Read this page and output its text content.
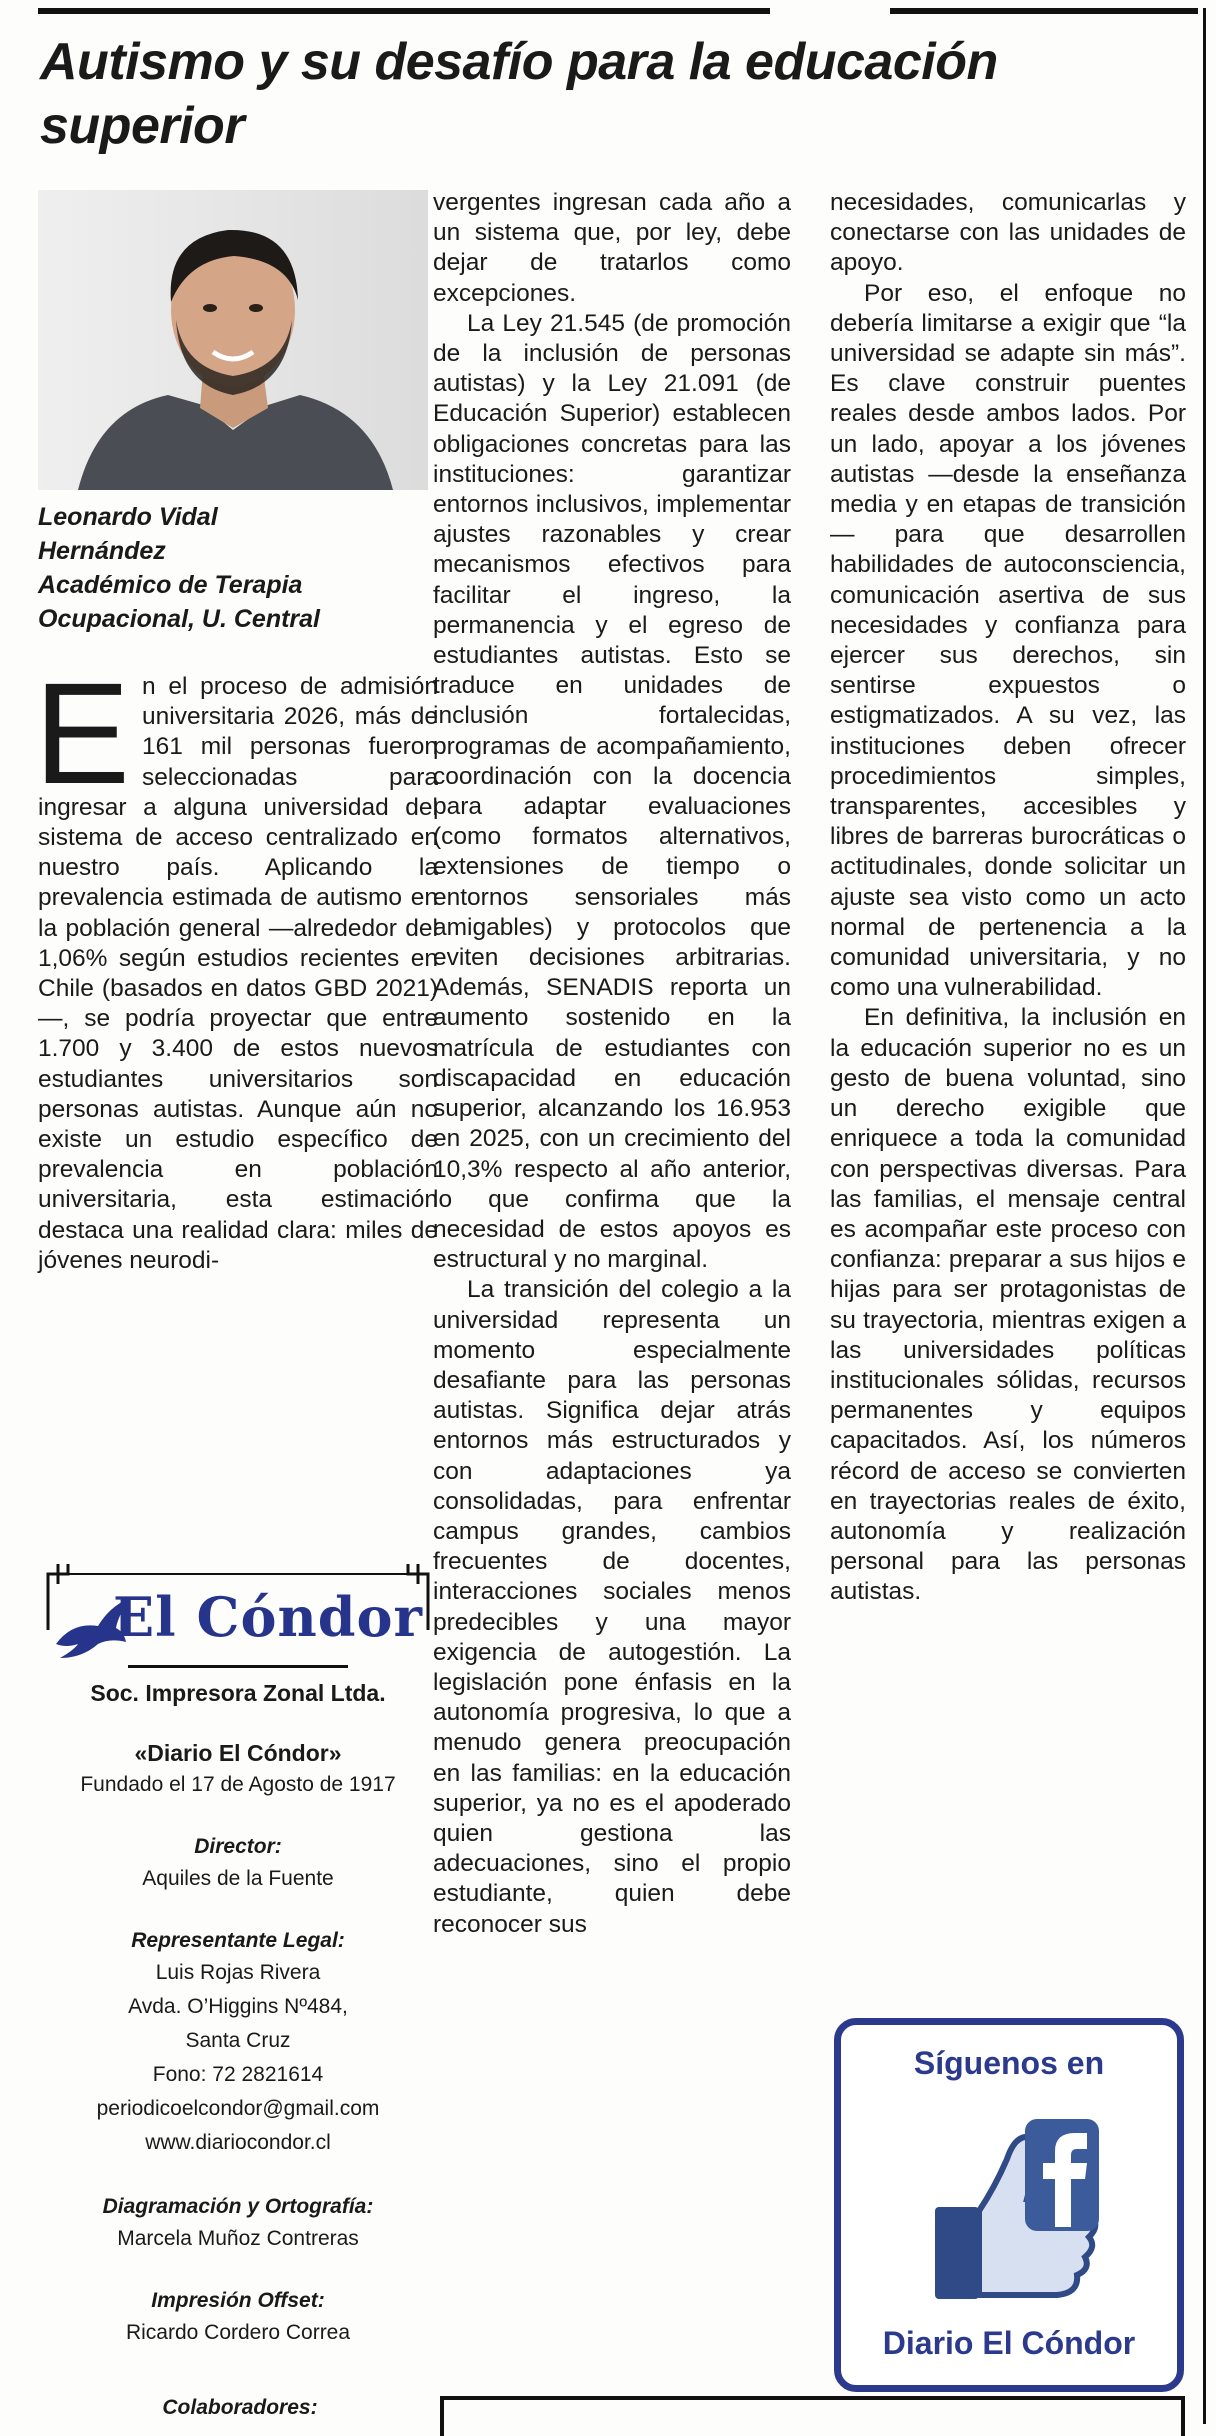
Autismo y su desafío para la educación superior
Leonardo Vidal
Hernández
Académico de Terapia
Ocupacional, U. Central
E n el proceso de admisión universitaria 2026, más de 161 mil personas fueron seleccionadas para ingresar a alguna universidad del sistema de acceso centralizado en nuestro país. Aplicando la prevalencia estimada de autismo en la población general —alrededor del 1,06% según estudios recientes en Chile (basados en datos GBD 2021)—, se podría proyectar que entre 1.700 y 3.400 de estos nuevos estudiantes universitarios son personas autistas. Aunque aún no existe un estudio específico de prevalencia en población universitaria, esta estimación destaca una realidad clara: miles de jóvenes neurodi-

vergentes ingresan cada año a un sistema que, por ley, debe dejar de tratarlos como excepciones.

La Ley 21.545 (de promoción de la inclusión de personas autistas) y la Ley 21.091 (de Educación Superior) establecen obligaciones concretas para las instituciones: garantizar entornos inclusivos, implementar ajustes razonables y crear mecanismos efectivos para facilitar el ingreso, la permanencia y el egreso de estudiantes autistas. Esto se traduce en unidades de inclusión fortalecidas, programas de acompañamiento, coordinación con la docencia para adaptar evaluaciones (como formatos alternativos, extensiones de tiempo o entornos sensoriales más amigables) y protocolos que eviten decisiones arbitrarias. Además, SENADIS reporta un aumento sostenido en la matrícula de estudiantes con discapacidad en educación superior, alcanzando los 16.953 en 2025, con un crecimiento del 10,3% respecto al año anterior, lo que confirma que la necesidad de estos apoyos es estructural y no marginal.

La transición del colegio a la universidad representa un momento especialmente desafiante para las personas autistas. Significa dejar atrás entornos más estructurados y con adaptaciones ya consolidadas, para enfrentar campus grandes, cambios frecuentes de docentes, interacciones sociales menos predecibles y una mayor exigencia de autogestión. La legislación pone énfasis en la autonomía progresiva, lo que a menudo genera preocupación en las familias: en la educación superior, ya no es el apoderado quien gestiona las adecuaciones, sino el propio estudiante, quien debe reconocer sus

necesidades, comunicarlas y conectarse con las unidades de apoyo.

Por eso, el enfoque no debería limitarse a exigir que “la universidad se adapte sin más”. Es clave construir puentes reales desde ambos lados. Por un lado, apoyar a los jóvenes autistas —desde la enseñanza media y en etapas de transición— para que desarrollen habilidades de autoconsciencia, comunicación asertiva de sus necesidades y confianza para ejercer sus derechos, sin sentirse expuestos o estigmatizados. A su vez, las instituciones deben ofrecer procedimientos simples, transparentes, accesibles y libres de barreras burocráticas o actitudinales, donde solicitar un ajuste sea visto como un acto normal de pertenencia a la comunidad universitaria, y no como una vulnerabilidad.

En definitiva, la inclusión en la educación superior no es un gesto de buena voluntad, sino un derecho exigible que enriquece a toda la comunidad con perspectivas diversas. Para las familias, el mensaje central es acompañar este proceso con confianza: preparar a sus hijos e hijas para ser protagonistas de su trayectoria, mientras exigen a las universidades políticas institucionales sólidas, recursos permanentes y equipos capacitados. Así, los números récord de acceso se convierten en trayectorias reales de éxito, autonomía y realización personal para las personas autistas.

El Cóndor
Soc. Impresora Zonal Ltda.
«Diario El Cóndor»
Fundado el 17 de Agosto de 1917
Director:
Aquiles de la Fuente
Representante Legal:
Luis Rojas Rivera
Avda. O’Higgins Nº484,
Santa Cruz
Fono: 72 2821614
periodicoelcondor@gmail.com
www.diariocondor.cl
Diagramación y Ortografía:
Marcela Muñoz Contreras
Impresión Offset:
Ricardo Cordero Correa
Colaboradores:
Síguenos en
Diario El Cóndor
